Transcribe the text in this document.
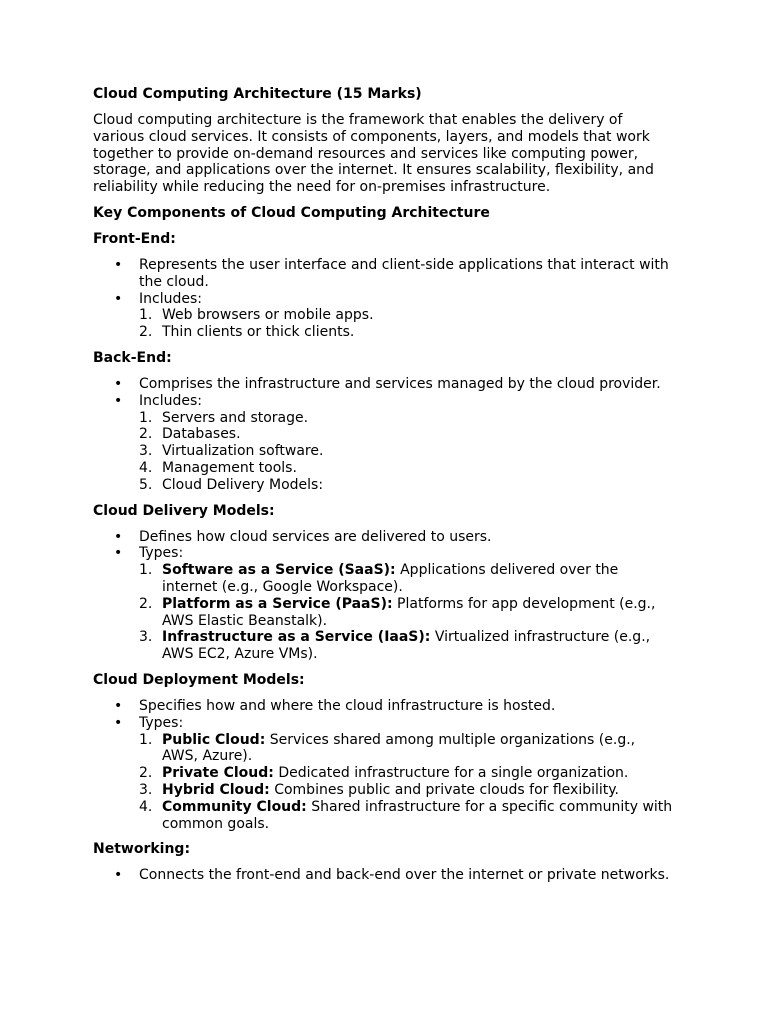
Cloud Computing Architecture (15 Marks)

Cloud computing architecture is the framework that enables the delivery of various cloud services. It consists of components, layers, and models that work together to provide on-demand resources and services like computing power, storage, and applications over the internet. It ensures scalability, flexibility, and reliability while reducing the need for on-premises infrastructure.

Key Components of Cloud Computing Architecture
Front-End:
• Represents the user interface and client-side applications that interact with the cloud.
• Includes:
1. Web browsers or mobile apps.
2. Thin clients or thick clients.
Back-End:
• Comprises the infrastructure and services managed by the cloud provider.
• Includes:
1. Servers and storage.
2. Databases.
3. Virtualization software.
4. Management tools.
5. Cloud Delivery Models:
Cloud Delivery Models:
• Defines how cloud services are delivered to users.
• Types:
1. Software as a Service (SaaS): Applications delivered over the internet (e.g., Google Workspace).
2. Platform as a Service (PaaS): Platforms for app development (e.g., AWS Elastic Beanstalk).
3. Infrastructure as a Service (IaaS): Virtualized infrastructure (e.g., AWS EC2, Azure VMs).
Cloud Deployment Models:
• Specifies how and where the cloud infrastructure is hosted.
• Types:
1. Public Cloud: Services shared among multiple organizations (e.g., AWS, Azure).
2. Private Cloud: Dedicated infrastructure for a single organization.
3. Hybrid Cloud: Combines public and private clouds for flexibility.
4. Community Cloud: Shared infrastructure for a specific community with common goals.
Networking:
• Connects the front-end and back-end over the internet or private networks.
